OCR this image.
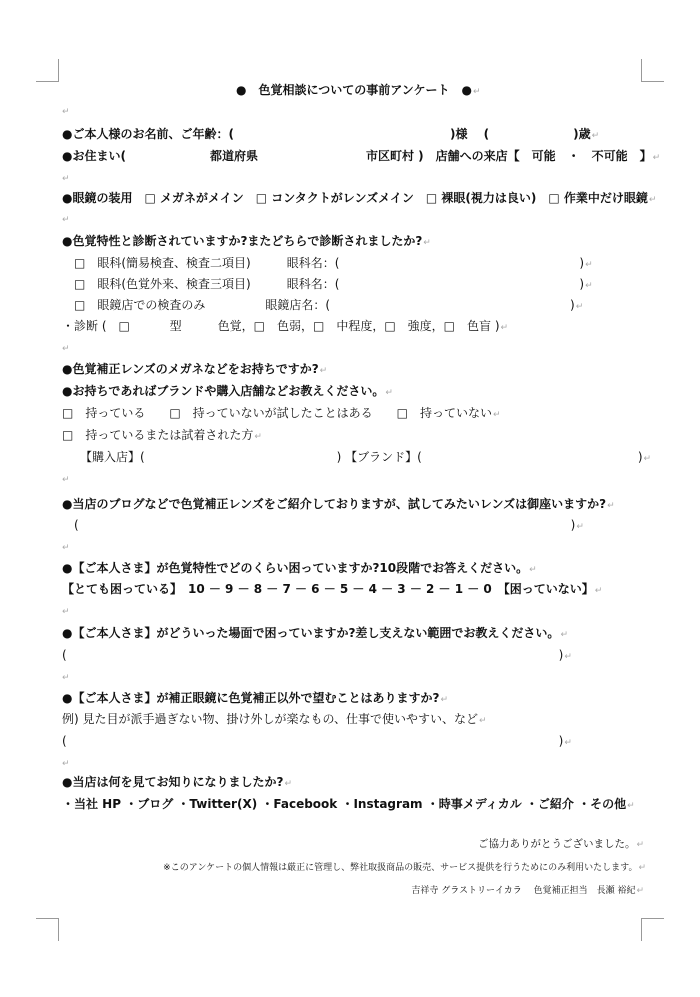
●　色覚相談についての事前アンケート　●↵
↵
●ご本人様のお名前、ご年齢：(　　　　　　　　　　　　　　　　　　)様　 (　　　　　　　)歳↵
●お住まい(　　　　　　　都道府県　　　　　　　　　市区町村 )　店舗への来店【　可能　・　不可能　】↵
↵
●眼鏡の装用　□ メガネがメイン　□ コンタクトがレンズメイン　□ 裸眼(視力は良い)　□ 作業中だけ眼鏡↵
↵
●色覚特性と診断されていますか?またどちらで診断されましたか?↵
□　眼科(簡易検査、検査二項目)　　　眼科名：(　　　　　　　　　　　　　　　　　　　　)↵
□　眼科(色覚外来、検査三項目)　　　眼科名：(　　　　　　　　　　　　　　　　　　　　)↵
□　眼鏡店での検査のみ　　　　　眼鏡店名：(　　　　　　　　　　　　　　　　　　　　)↵
・診断 (　□　　　 型　　　色覚，□　色弱，□　中程度，□　強度，□　色盲 )↵
↵
●色覚補正レンズのメガネなどをお持ちですか?↵
●お持ちであればブランドや購入店舗などお教えください。↵
□　持っている　　□　持っていないが試したことはある　　□　持っていない↵
□　持っているまたは試着された方↵
【購入店】(　　　　　　　　　　　　　　　　) 【ブランド】(　　　　　　　　　　　　　　　　　　)↵
↵
●当店のブログなどで色覚補正レンズをご紹介しておりますが、試してみたいレンズは御座いますか?↵
(　　　　　　　　　　　　　　　　　　　　　　　　　　　　　　　　　　　　　　　　　)↵
↵
●【ご本人さま】が色覚特性でどのくらい困っていますか?10段階でお答えください。↵
【とても困っている】　10 － 9 － 8 － 7 － 6 － 5 － 4 － 3 － 2 － 1 － 0　【困っていない】↵
↵
●【ご本人さま】がどういった場面で困っていますか?差し支えない範囲でお教えください。↵
(　　　　　　　　　　　　　　　　　　　　　　　　　　　　　　　　　　　　　　　　　)↵
↵
●【ご本人さま】が補正眼鏡に色覚補正以外で望むことはありますか?↵
例) 見た目が派手過ぎない物、掛け外しが楽なもの、仕事で使いやすい、など↵
(　　　　　　　　　　　　　　　　　　　　　　　　　　　　　　　　　　　　　　　　　)↵
↵
●当店は何を見てお知りになりましたか?↵
・当社 HP ・ブログ ・Twitter(X) ・Facebook ・Instagram ・時事メディカル ・ご紹介 ・その他↵
ご協力ありがとうございました。↵
※このアンケートの個人情報は厳正に管理し、弊社取扱商品の販売、サービス提供を行うためにのみ利用いたします。↵
吉祥寺 グラストリーイカラ　 色覚補正担当　長瀬 裕紀↵
